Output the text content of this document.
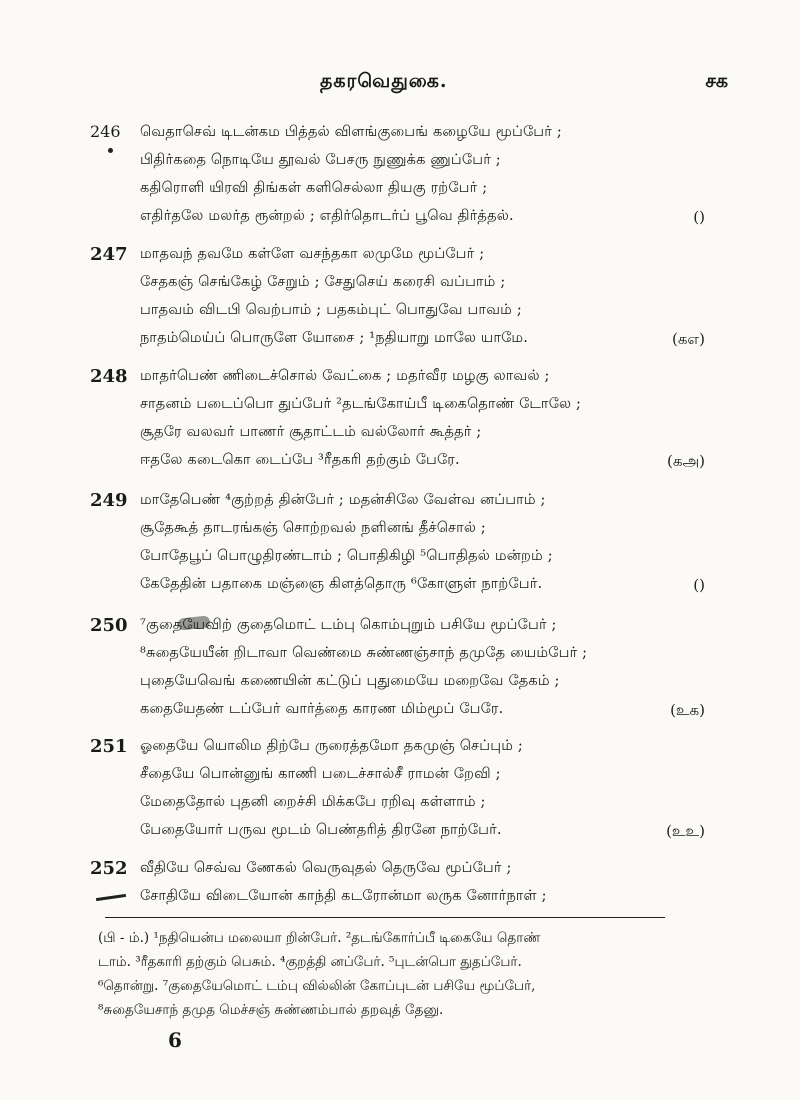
தகரவெதுகை.	சக
246 வெதாசெவ் டிடன்கம பித்தல் விளங்குபைங் கழையே மூப்பேர் ;
பிதிர்கதை நொடியே தூவல் பேசரு நுணுக்க ணுப்பேர் ;
கதிரொளி யிரவி திங்கள் களிசெல்லா தியகு ரற்பேர் ;
எதிர்தலே மலர்த ரூன்றல் ; எதிர்தொடர்ப் பூவெ திர்த்தல்.	()
247 மாதவந் தவமே கள்ளே வசந்தகா லமுமே மூப்பேர் ;
சேதகஞ் செங்கேழ் சேறும் ; சேதுசெய் கரைசி வப்பாம் ;
பாதவம் விடபி வெற்பாம் ; பதகம்புட் பொதுவே பாவம் ;
நாதம்மெய்ப் பொருளே யோசை ; ¹நதியாறு மாலே யாமே.	(கஎ)
248 மாதர்பெண் ணிடைச்சொல் வேட்கை ; மதர்வீர மழகு லாவல் ;
சாதனம் படைப்பொ துப்பேர் ²தடங்கோய்பீ டிகைதொண் டோலே ;
சூதரே வலவர் பாணர் சூதாட்டம் வல்லோர் கூத்தர் ;
ஈதலே கடைகொ டைப்பே ³ரீதகரி தற்கும் பேரே.	(கஅ)
249 மாதேபெண் ⁴குற்றத் தின்பேர் ; மதன்சிலே வேள்வ னப்பாம் ;
சூதேகூத் தாடரங்கஞ் சொற்றவல் நளினங் தீச்சொல் ;
போதேபூப் பொழுதிரண்டாம் ; பொதிகிழி ⁵பொதிதல் மன்றம் ;
கேதேதின் பதாகை மஞ்ஞை கிளத்தொரு ⁶கோளுள் நாற்பேர்.	()
250 ⁷குதையேவிற் குதைமொட் டம்பு கொம்புறும் பசியே மூப்பேர் ;
⁸சுதையேயீன் றிடாவா வெண்மை சுண்ணஞ்சாந் தமுதே யைம்பேர் ;
புதையேவெங் கணையின் கட்டுப் புதுமையே மறைவே தேகம் ;
கதையேதண் டப்பேர் வார்த்தை காரண மிம்மூப் பேரே.	(உக)
251 ஓதையே யொலிம திற்பே ருரைத்தமோ தகமுஞ் செப்பும் ;
சீதையே பொன்னுங் காணி படைச்சால்சீ ராமன் றேவி ;
மேதைதோல் புதனி றைச்சி மிக்கபே ரறிவு கள்ளாம் ;
பேதையோர் பருவ மூடம் பெண்தரித் திரனே நாற்பேர்.	(உஉ)
252 வீதியே செவ்வ ணேகல் வெருவுதல் தெருவே மூப்பேர் ;
சோதியே விடையோன் காந்தி கடரோன்மா லருக னோர்நாள் ;
(பி - ம்.) ¹நதியென்ப மலையா றின்பேர். ²தடங்கோர்ப்பீ டிகையே தொண்
டாம். ³ரீதகாரி தற்கும் பெசும். ⁴குறத்தி னப்பேர். ⁵புடன்பொ துதப்பேர்.
⁶தொன்று. ⁷குதையேமொட் டம்பு வில்லின் கோப்புடன் பசியே மூப்பேர்,
⁸சுதையேசாந் தமுத மெச்சஞ் சுண்ணம்பால் தறவுத் தேனு.
6
